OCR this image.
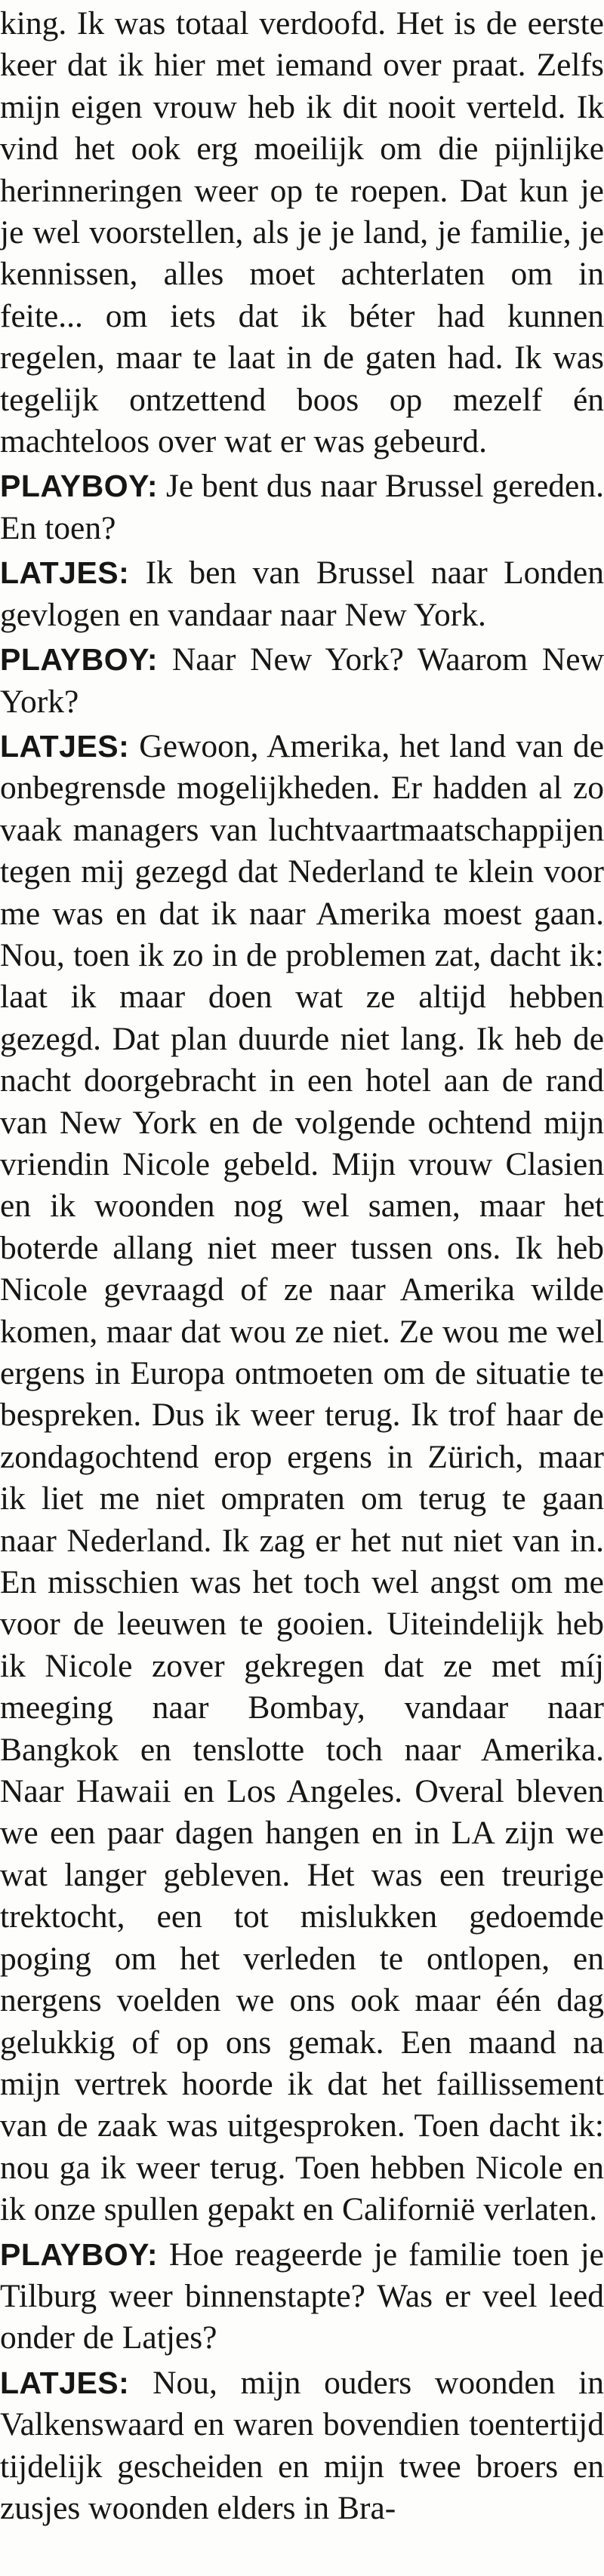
king. Ik was totaal verdoofd. Het is de eerste keer dat ik hier met iemand over praat. Zelfs mijn eigen vrouw heb ik dit nooit verteld. Ik vind het ook erg moeilijk om die pijnlijke herinneringen weer op te roepen. Dat kun je je wel voorstellen, als je je land, je familie, je kennissen, alles moet achterlaten om in feite... om iets dat ik béter had kunnen regelen, maar te laat in de gaten had. Ik was tegelijk ontzettend boos op mezelf én machteloos over wat er was gebeurd.

PLAYBOY: Je bent dus naar Brussel gereden. En toen?

LATJES: Ik ben van Brussel naar Londen gevlogen en vandaar naar New York.

PLAYBOY: Naar New York? Waarom New York?

LATJES: Gewoon, Amerika, het land van de onbegrensde mogelijkheden. Er hadden al zo vaak managers van luchtvaartmaatschappijen tegen mij gezegd dat Nederland te klein voor me was en dat ik naar Amerika moest gaan. Nou, toen ik zo in de problemen zat, dacht ik: laat ik maar doen wat ze altijd hebben gezegd. Dat plan duurde niet lang. Ik heb de nacht doorgebracht in een hotel aan de rand van New York en de volgende ochtend mijn vriendin Nicole gebeld. Mijn vrouw Clasien en ik woonden nog wel samen, maar het boterde allang niet meer tussen ons. Ik heb Nicole gevraagd of ze naar Amerika wilde komen, maar dat wou ze niet. Ze wou me wel ergens in Europa ontmoeten om de situatie te bespreken. Dus ik weer terug. Ik trof haar de zondagochtend erop ergens in Zürich, maar ik liet me niet ompraten om terug te gaan naar Nederland. Ik zag er het nut niet van in. En misschien was het toch wel angst om me voor de leeuwen te gooien. Uiteindelijk heb ik Nicole zover gekregen dat ze met míj meeging naar Bombay, vandaar naar Bangkok en tenslotte toch naar Amerika. Naar Hawaii en Los Angeles. Overal bleven we een paar dagen hangen en in LA zijn we wat langer gebleven. Het was een treurige trektocht, een tot mislukken gedoemde poging om het verleden te ontlopen, en nergens voelden we ons ook maar één dag gelukkig of op ons gemak. Een maand na mijn vertrek hoorde ik dat het faillissement van de zaak was uitgesproken. Toen dacht ik: nou ga ik weer terug. Toen hebben Nicole en ik onze spullen gepakt en Californië verlaten.

PLAYBOY: Hoe reageerde je familie toen je Tilburg weer binnenstapte? Was er veel leed onder de Latjes?

LATJES: Nou, mijn ouders woonden in Valkenswaard en waren bovendien toentertijd tijdelijk gescheiden en mijn twee broers en zusjes woonden elders in Bra-
